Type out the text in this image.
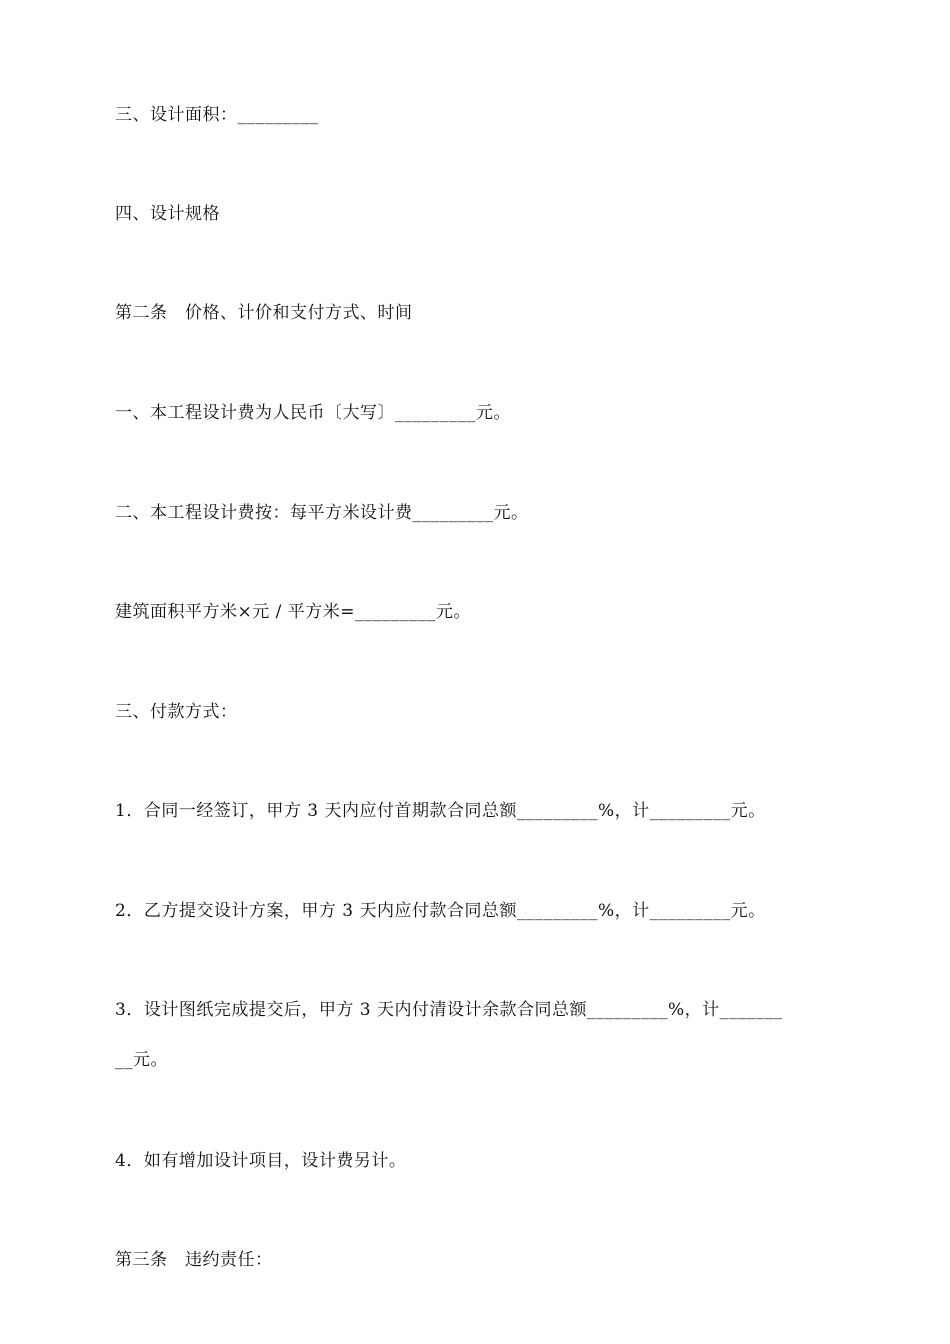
三、设计面积：_________
四、设计规格
第二条　价格、计价和支付方式、时间
一、本工程设计费为人民币〔大写〕_________元。
二、本工程设计费按：每平方米设计费_________元。
建筑面积平方米×元 / 平方米=_________元。
三、付款方式：
1．合同一经签订，甲方 3 天内应付首期款合同总额_________%，计_________元。
2．乙方提交设计方案，甲方 3 天内应付款合同总额_________%，计_________元。
3．设计图纸完成提交后，甲方 3 天内付清设计余款合同总额_________%，计_______
__元。
4．如有增加设计项目，设计费另计。
第三条　违约责任：
